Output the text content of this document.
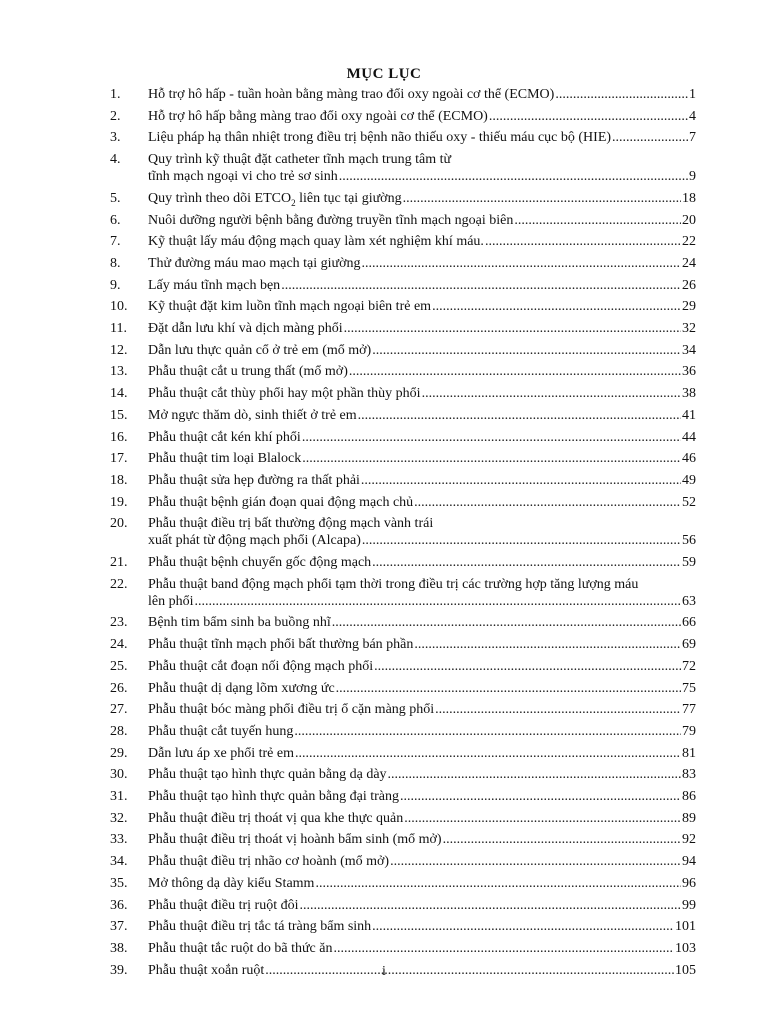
MỤC LỤC
1. Hỗ trợ hô hấp - tuần hoàn bằng màng trao đổi oxy ngoài cơ thể (ECMO) .....	1
2. Hỗ trợ hô hấp bằng màng trao đổi oxy ngoài cơ thể (ECMO) .....	4
3. Liệu pháp hạ thân nhiệt trong điều trị bệnh não thiếu oxy - thiếu máu cục bộ (HIE) .....	7
4. Quy trình kỹ thuật đặt catheter tĩnh mạch trung tâm từ
tĩnh mạch ngoại vi cho trẻ sơ sinh .....	9
5. Quy trình theo dõi $ETCO_2$ liên tục tại giường .....	18
6. Nuôi dưỡng người bệnh bằng đường truyền tĩnh mạch ngoại biên .....	20
7. Kỹ thuật lấy máu động mạch quay làm xét nghiệm khí máu. .....	22
8. Thử đường máu mao mạch tại giường .....	24
9. Lấy máu tĩnh mạch bẹn .....	26
10. Kỹ thuật đặt kim luồn tĩnh mạch ngoại biên trẻ em .....	29
11. Đặt dẫn lưu khí và dịch màng phổi .....	32
12. Dẫn lưu thực quản cổ ở trẻ em (mổ mở) .....	34
13. Phẫu thuật cắt u trung thất (mổ mở) .....	36
14. Phẫu thuật cắt thùy phổi hay một phần thùy phổi .....	38
15. Mở ngực thăm dò, sinh thiết ở trẻ em .....	41
16. Phẫu thuật cắt kén khí phổi .....	44
17. Phẫu thuật tim loại Blalock .....	46
18. Phẫu thuật sửa hẹp đường ra thất phải .....	49
19. Phẫu thuật bệnh gián đoạn quai động mạch chủ .....	52
20. Phẫu thuật điều trị bất thường động mạch vành trái
xuất phát từ động mạch phổi (Alcapa) .....	56
21. Phẫu thuật bệnh chuyển gốc động mạch .....	59
22. Phẫu thuật band động mạch phổi tạm thời trong điều trị các trường hợp tăng lượng máu
lên phổi .....	63
23. Bệnh tim bẩm sinh ba buồng nhĩ .....	66
24. Phẫu thuật tĩnh mạch phổi bất thường bán phần .....	69
25. Phẫu thuật cắt đoạn nối động mạch phổi .....	72
26. Phẫu thuật dị dạng lõm xương ức .....	75
27. Phẫu thuật bóc màng phổi điều trị ổ cặn màng phổi .....	77
28. Phẫu thuật cắt tuyến hung .....	79
29. Dẫn lưu áp xe phổi trẻ em .....	81
30. Phẫu thuật tạo hình thực quản bằng dạ dày .....	83
31. Phẫu thuật tạo hình thực quản bằng đại tràng .....	86
32. Phẫu thuật điều trị thoát vị qua khe thực quản .....	89
33. Phẫu thuật điều trị thoát vị hoành bẩm sinh (mổ mở) .....	92
34. Phẫu thuật điều trị nhão cơ hoành (mổ mở) .....	94
35. Mở thông dạ dày kiểu Stamm .....	96
36. Phẫu thuật điều trị ruột đôi .....	99
37. Phẫu thuật điều trị tắc tá tràng bẩm sinh .....	101
38. Phẫu thuật tắc ruột do bã thức ăn .....	103
39. Phẫu thuật xoắn ruột .....	105
i
